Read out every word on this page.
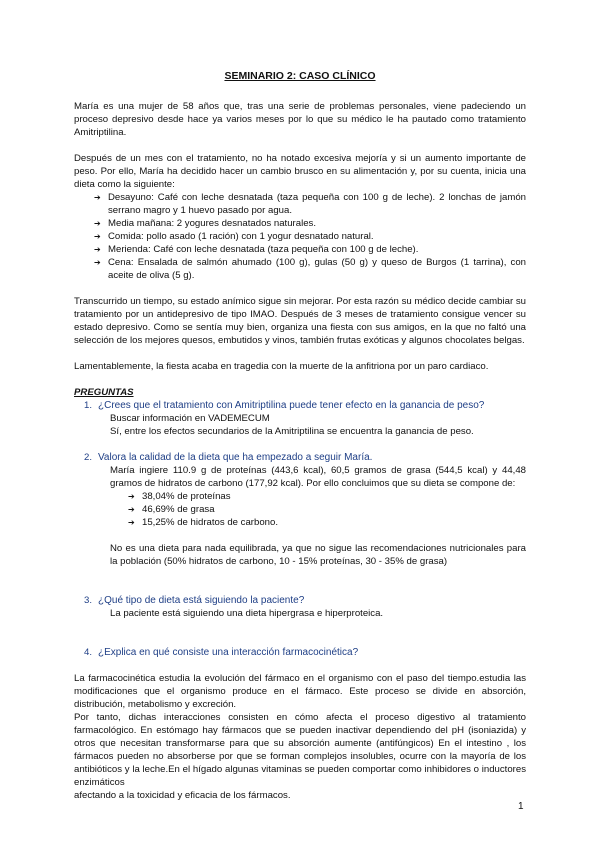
SEMINARIO 2: CASO CLÍNICO

María es una mujer de 58 años que, tras una serie de problemas personales, viene padeciendo un proceso depresivo desde hace ya varios meses por lo que su médico le ha pautado como tratamiento Amitriptilina.

Después de un mes con el tratamiento, no ha notado excesiva mejoría y si un aumento importante de peso. Por ello, María ha decidido hacer un cambio brusco en su alimentación y, por su cuenta, inicia una dieta como la siguiente:

➔ Desayuno: Café con leche desnatada (taza pequeña con 100 g de leche). 2 lonchas de jamón serrano magro y 1 huevo pasado por agua.
➔ Media mañana: 2 yogures desnatados naturales.
➔ Comida: pollo asado (1 ración) con 1 yogur desnatado natural.
➔ Merienda: Café con leche desnatada (taza pequeña con 100 g de leche).
➔ Cena: Ensalada de salmón ahumado (100 g), gulas (50 g) y queso de Burgos (1 tarrina), con aceite de oliva (5 g).

Transcurrido un tiempo, su estado anímico sigue sin mejorar. Por esta razón su médico decide cambiar su tratamiento por un antidepresivo de tipo IMAO. Después de 3 meses de tratamiento consigue vencer su estado depresivo. Como se sentía muy bien, organiza una fiesta con sus amigos, en la que no faltó una selección de los mejores quesos, embutidos y vinos, también frutas exóticas y algunos chocolates belgas.

Lamentablemente, la fiesta acaba en tragedia con la muerte de la anfitriona por un paro cardiaco.

PREGUNTAS
1. ¿Crees que el tratamiento con Amitriptilina puede tener efecto en la ganancia de peso?
Buscar información en VADEMECUM
Sí, entre los efectos secundarios de la Amitriptilina se encuentra la ganancia de peso.
2. Valora la calidad de la dieta que ha empezado a seguir María.
María ingiere 110.9 g de proteínas (443,6 kcal), 60,5 gramos de grasa (544,5 kcal) y 44,48 gramos de hidratos de carbono (177,92 kcal). Por ello concluimos que su dieta se compone de:
➔ 38,04% de proteínas
➔ 46,69% de grasa
➔ 15,25% de hidratos de carbono.
No es una dieta para nada equilibrada, ya que no sigue las recomendaciones nutricionales para la población (50% hidratos de carbono, 10 - 15% proteínas, 30 - 35% de grasa)
3. ¿Qué tipo de dieta está siguiendo la paciente?
La paciente está siguiendo una dieta hipergrasa e hiperproteica.
4. ¿Explica en qué consiste una interacción farmacocinética?

La farmacocinética estudia la evolución del fármaco en el organismo con el paso del tiempo.estudia las modificaciones que el organismo produce en el fármaco. Este proceso se divide en absorción, distribución, metabolismo y excreción.

Por tanto, dichas interacciones consisten en cómo afecta el proceso digestivo al tratamiento farmacológico. En estómago hay fármacos que se pueden inactivar dependiendo del pH (isoniazida) y otros que necesitan transformarse para que su absorción aumente (antifúngicos) En el intestino , los fármacos pueden no absorberse por que se forman complejos insolubles, ocurre con la mayoría de los antibióticos y la leche.En el hígado algunas vitaminas se pueden comportar como inhibidores o inductores enzimáticos

afectando a la toxicidad y eficacia de los fármacos.

1
